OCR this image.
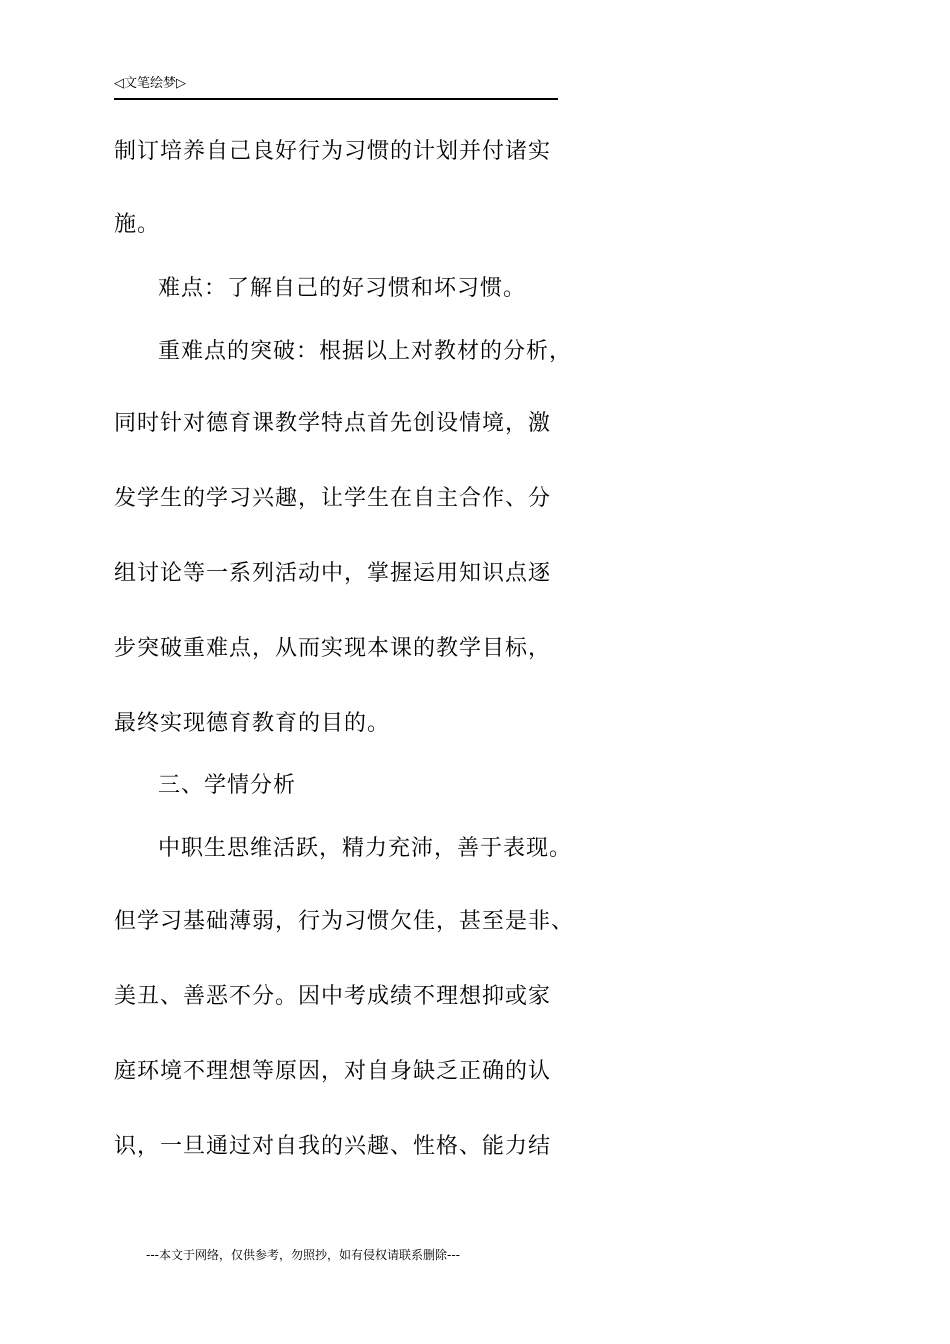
◁文笔绘梦▷
制订培养自己良好行为习惯的计划并付诸实
施。
难点：了解自己的好习惯和坏习惯。
重难点的突破：根据以上对教材的分析，
同时针对德育课教学特点首先创设情境，激
发学生的学习兴趣，让学生在自主合作、分
组讨论等一系列活动中，掌握运用知识点逐
步突破重难点，从而实现本课的教学目标，
最终实现德育教育的目的。
三、学情分析
中职生思维活跃，精力充沛，善于表现。
但学习基础薄弱，行为习惯欠佳，甚至是非、
美丑、善恶不分。因中考成绩不理想抑或家
庭环境不理想等原因，对自身缺乏正确的认
识，一旦通过对自我的兴趣、性格、能力结
---本文于网络，仅供参考，勿照抄，如有侵权请联系删除---
